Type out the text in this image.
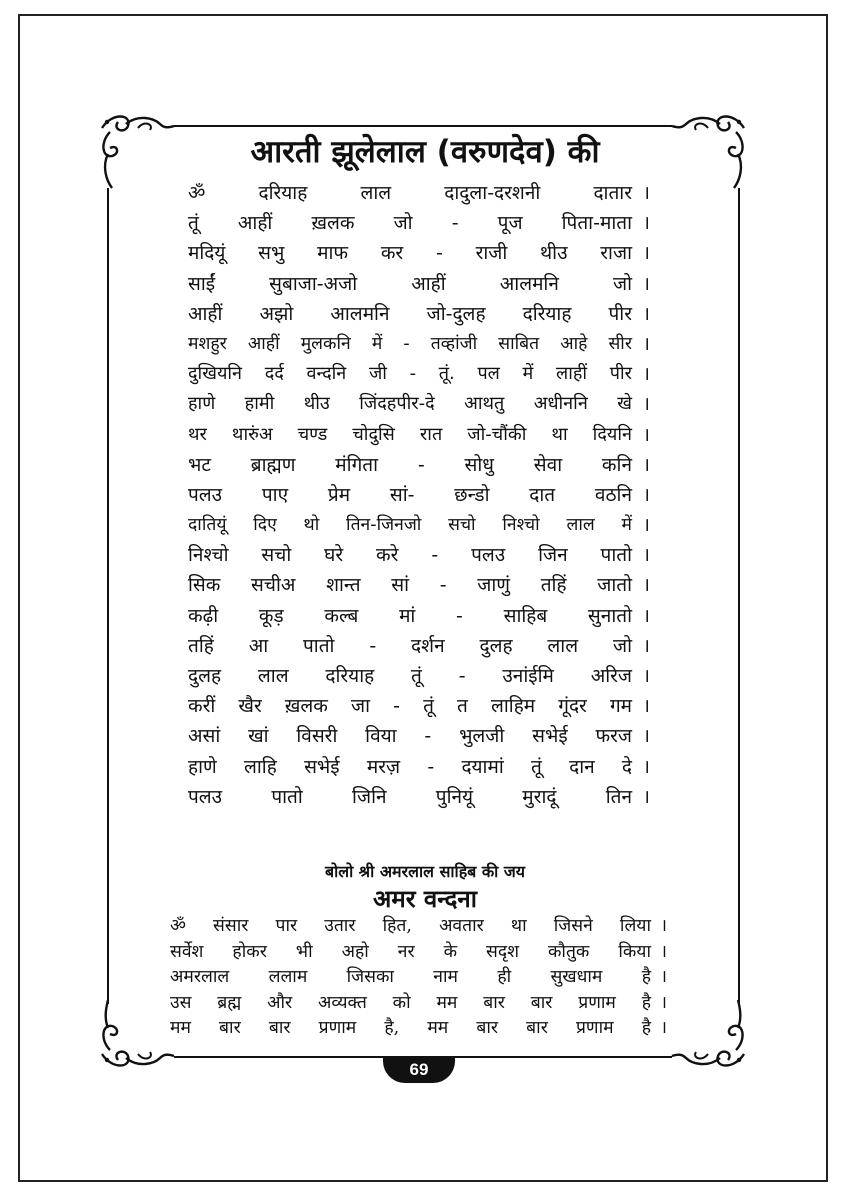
आरती झूलेलाल (वरुणदेव) की
ॐ दरियाह लाल दादुला-दरशनी दातार ।
तूं आहीं ख़लक जो - पूज पिता-माता ।
मदियूं सभु माफ कर - राजी थीउ राजा ।
साईं सुबाजा-अजो आहीं आलमनि जो ।
आहीं अझो आलमनि जो-दुलह दरियाह पीर ।
मशहुर आहीं मुलकनि में - तव्हांजी साबित आहे सीर ।
दुखियनि दर्द वन्दनि जी - तूं. पल में लाहीं पीर ।
हाणे हामी थीउ जिंदहपीर-दे आथतु अधीननि खे ।
थर थारुंअ चण्ड चोदुसि रात जो-चौंकी था दियनि ।
भट ब्राह्मण मंगिता - सोधु सेवा कनि ।
पलउ पाए प्रेम सां- छन्डो दात वठनि ।
दातियूं दिए थो तिन-जिनजो सचो निश्चो लाल में ।
निश्चो सचो घरे करे - पलउ जिन पातो ।
सिक सचीअ शान्त सां - जाणुं तहिं जातो ।
कढ़ी कूड़ कल्ब मां - साहिब सुनातो ।
तहिं आ पातो - दर्शन दुलह लाल जो ।
दुलह लाल दरियाह तूं - उनांईमि अरिज ।
करीं खैर ख़लक जा - तूं त लाहिम गूंदर गम ।
असां खां विसरी विया - भुलजी सभेई फरज ।
हाणे लाहि सभेई मरज़ - दयामां तूं दान दे ।
पलउ पातो जिनि पुनियूं मुरादूं तिन ।
बोलो श्री अमरलाल साहिब की जय
अमर वन्दना
ॐ संसार पार उतार हित, अवतार था जिसने लिया ।
सर्वेश होकर भी अहो नर के सदृश कौतुक किया ।
अमरलाल ललाम जिसका नाम ही सुखधाम है ।
उस ब्रह्म और अव्यक्त को मम बार बार प्रणाम है ।
मम बार बार प्रणाम है, मम बार बार प्रणाम है ।
69
